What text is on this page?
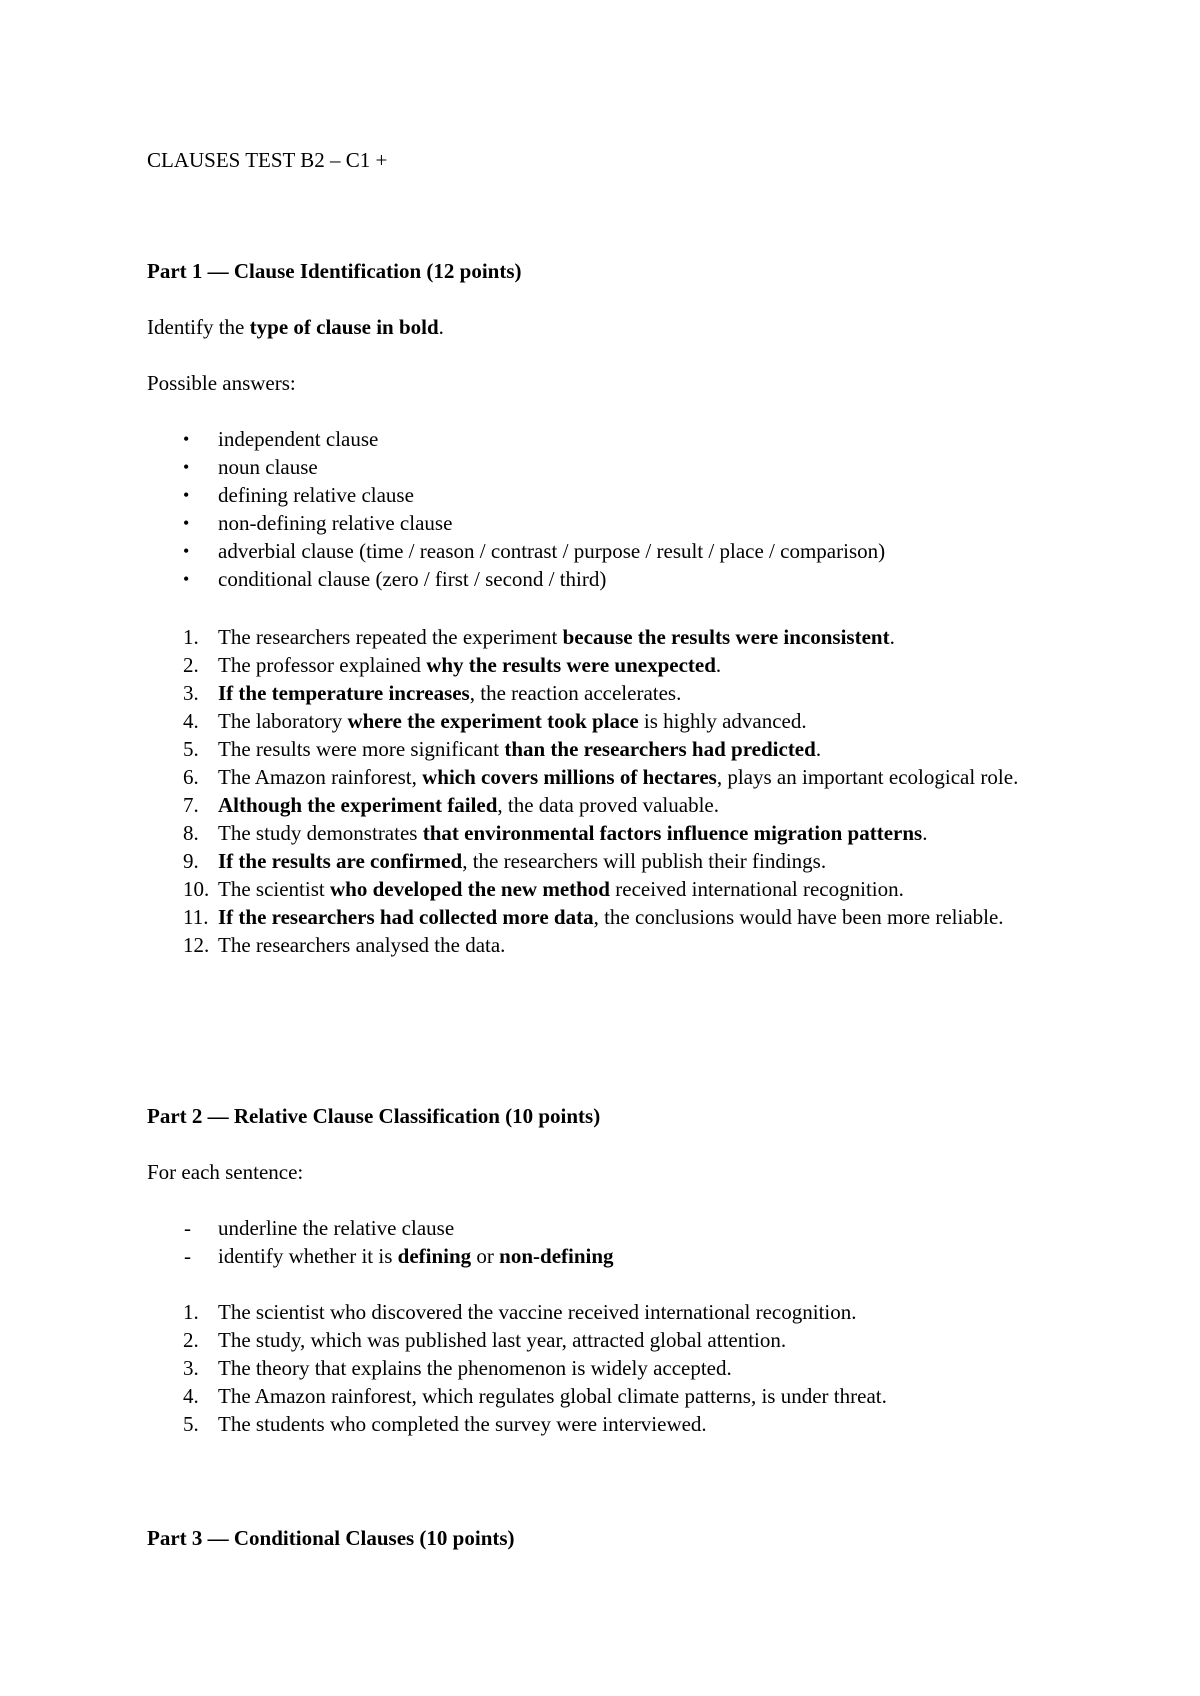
CLAUSES TEST B2 – C1 +
Part 1 — Clause Identification (12 points)

Identify the type of clause in bold.

Possible answers:

•	independent clause
•	noun clause
•	defining relative clause
•	non-defining relative clause
•	adverbial clause (time / reason / contrast / purpose / result / place / comparison)
•	conditional clause (zero / first / second / third)
1. The researchers repeated the experiment because the results were inconsistent.
2. The professor explained why the results were unexpected.
3. If the temperature increases, the reaction accelerates.
4. The laboratory where the experiment took place is highly advanced.
5. The results were more significant than the researchers had predicted.
6. The Amazon rainforest, which covers millions of hectares, plays an important ecological role.
7. Although the experiment failed, the data proved valuable.
8. The study demonstrates that environmental factors influence migration patterns.
9. If the results are confirmed, the researchers will publish their findings.
10. The scientist who developed the new method received international recognition.
11. If the researchers had collected more data, the conclusions would have been more reliable.
12. The researchers analysed the data.
Part 2 — Relative Clause Classification (10 points)

For each sentence:

-	underline the relative clause
-	identify whether it is defining or non-defining
1. The scientist who discovered the vaccine received international recognition.
2. The study, which was published last year, attracted global attention.
3. The theory that explains the phenomenon is widely accepted.
4. The Amazon rainforest, which regulates global climate patterns, is under threat.
5. The students who completed the survey were interviewed.
Part 3 — Conditional Clauses (10 points)
